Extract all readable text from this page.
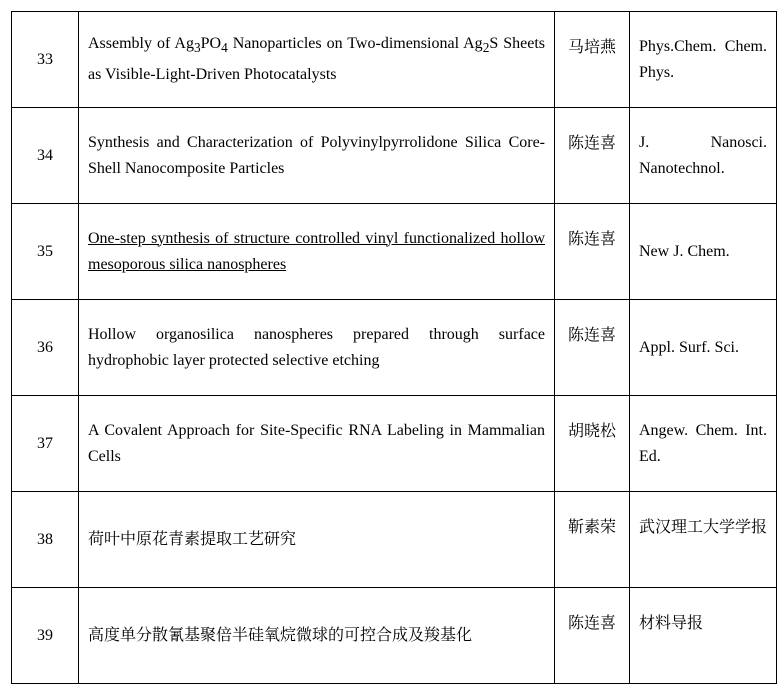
33	Assembly of $Ag_3PO_4$ Nanoparticles on Two-dimensional $Ag_2S$ Sheets as Visible-Light-Driven Photocatalysts	马培燕	Phys.Chem. Chem. Phys.

34	Synthesis and Characterization of Polyvinylpyrrolidone Silica Core-Shell Nanocomposite Particles	陈连喜	J. Nanosci. Nanotechnol.

35	One-step synthesis of structure controlled vinyl functionalized hollow mesoporous silica nanospheres	陈连喜	New J. Chem.

36	Hollow organosilica nanospheres prepared through surface hydrophobic layer protected selective etching	陈连喜	Appl. Surf. Sci.

37	A Covalent Approach for Site-Specific RNA Labeling in Mammalian Cells	胡晓松	Angew. Chem. Int. Ed.

38	荷叶中原花青素提取工艺研究	靳素荣	武汉理工大学学报

39	高度单分散氰基聚倍半硅氧烷微球的可控合成及羧基化	陈连喜	材料导报
